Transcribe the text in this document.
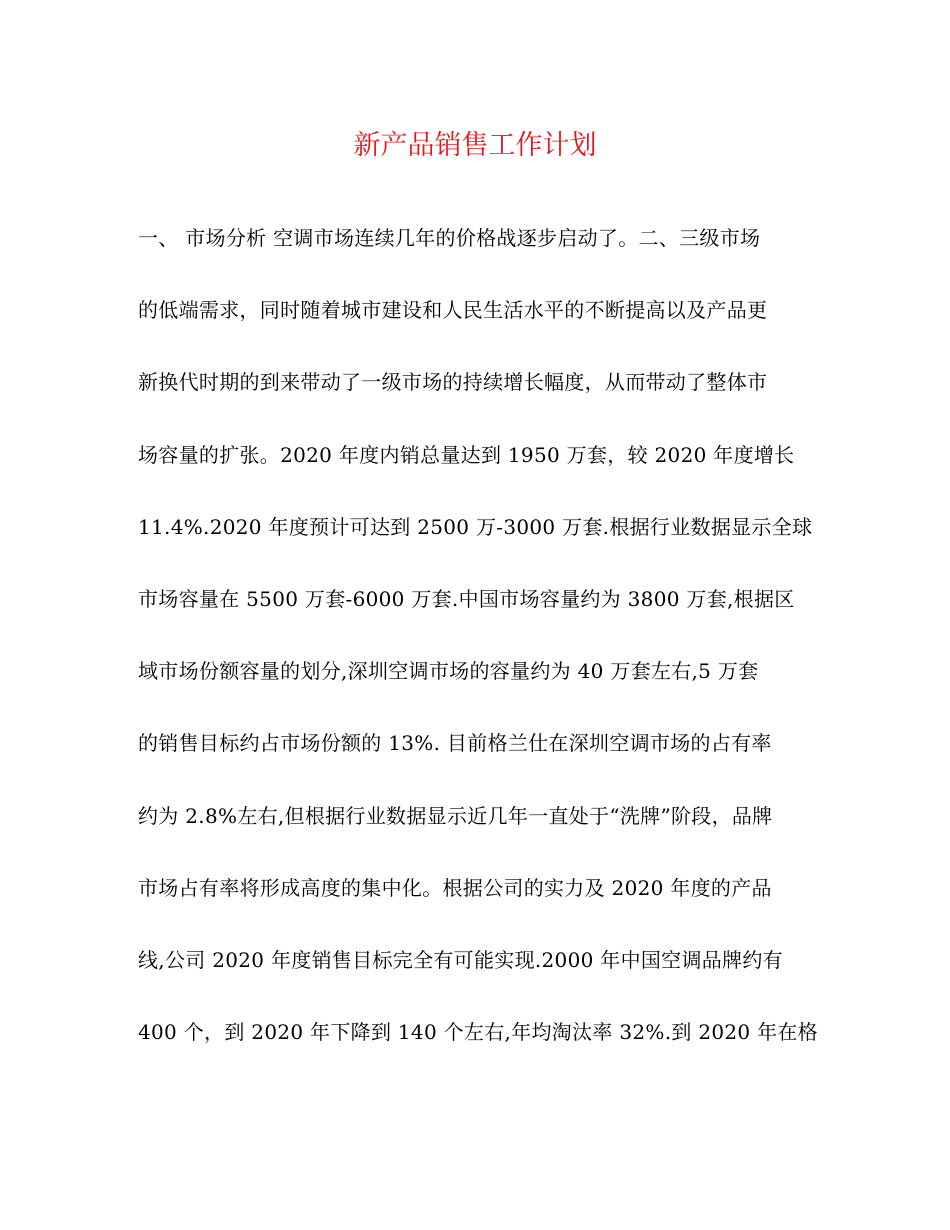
新产品销售工作计划
一、 市场分析 空调市场连续几年的价格战逐步启动了。二、三级市场
的低端需求，同时随着城市建设和人民生活水平的不断提高以及产品更
新换代时期的到来带动了一级市场的持续增长幅度，从而带动了整体市
场容量的扩张。2020 年度内销总量达到 1950 万套，较 2020 年度增长
11.4%.2020 年度预计可达到 2500 万-3000 万套.根据行业数据显示全球
市场容量在 5500 万套-6000 万套.中国市场容量约为 3800 万套,根据区
域市场份额容量的划分,深圳空调市场的容量约为 40 万套左右,5 万套
的销售目标约占市场份额的 13%. 目前格兰仕在深圳空调市场的占有率
约为 2.8%左右,但根据行业数据显示近几年一直处于“洗牌”阶段，品牌
市场占有率将形成高度的集中化。根据公司的实力及 2020 年度的产品
线,公司 2020 年度销售目标完全有可能实现.2000 年中国空调品牌约有
400 个，到 2020 年下降到 140 个左右,年均淘汰率 32%.到 2020 年在格
